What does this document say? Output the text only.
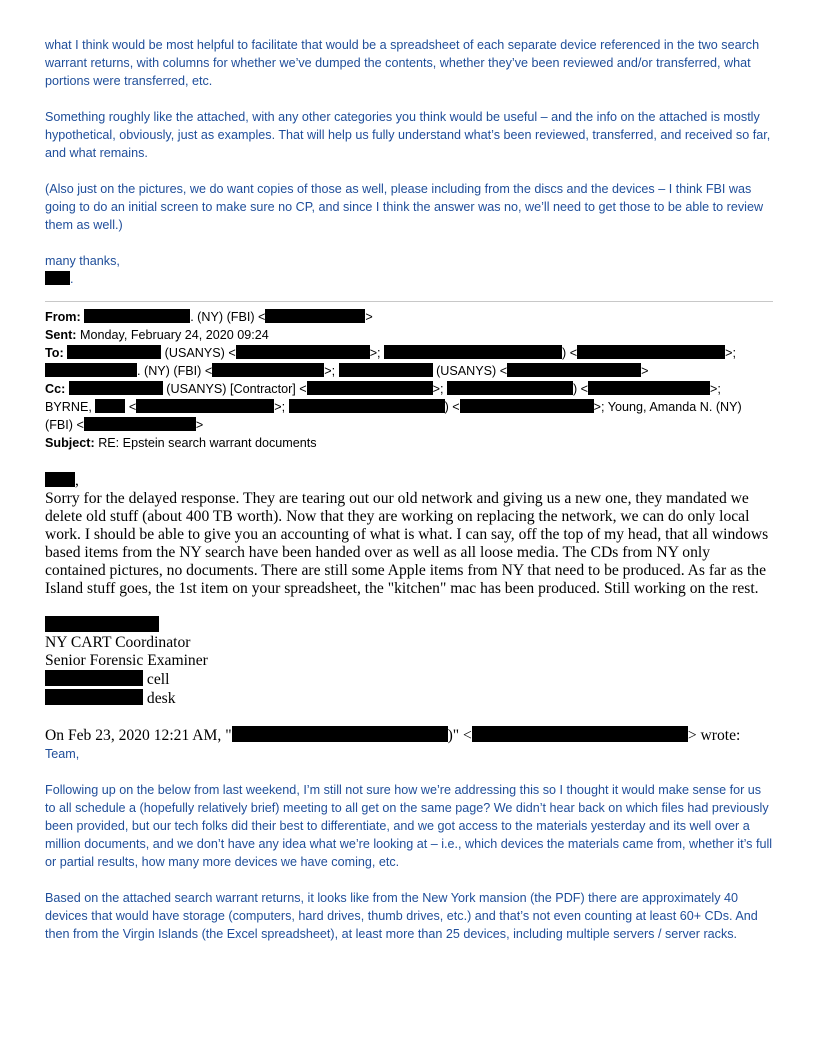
what I think would be most helpful to facilitate that would be a spreadsheet of each separate device referenced in the two search warrant returns, with columns for whether we’ve dumped the contents, whether they’ve been reviewed and/or transferred, what portions were transferred, etc.

Something roughly like the attached, with any other categories you think would be useful – and the info on the attached is mostly hypothetical, obviously, just as examples. That will help us fully understand what’s been reviewed, transferred, and received so far, and what remains.

(Also just on the pictures, we do want copies of those as well, please including from the discs and the devices – I think FBI was going to do an initial screen to make sure no CP, and since I think the answer was no, we’ll need to get those to be able to review them as well.)

many thanks,
.
From:	. (NY) (FBI) <	>
Sent: Monday, February 24, 2020 09:24
To:	(USANYS) <	>;	) <	>;
. (NY) (FBI) <	>;	(USANYS) <	>
Cc:	(USANYS) [Contractor] <	>;	) <	>;
BYRNE,	<	>;	) <	>; Young, Amanda N. (NY)
(FBI) <	>
Subject: RE: Epstein search warrant documents
,
Sorry for the delayed response. They are tearing out our old network and giving us a new one, they mandated we delete old stuff (about 400 TB worth). Now that they are working on replacing the network, we can do only local work. I should be able to give you an accounting of what is what. I can say, off the top of my head, that all windows based items from the NY search have been handed over as well as all loose media. The CDs from NY only contained pictures, no documents. There are still some Apple items from NY that need to be produced. As far as the Island stuff goes, the 1st item on your spreadsheet, the "kitchen" mac has been produced. Still working on the rest.
NY CART Coordinator
Senior Forensic Examiner
cell
desk
On Feb 23, 2020 12:21 AM, "	)" <	> wrote:

Team,

Following up on the below from last weekend, I’m still not sure how we’re addressing this so I thought it would make sense for us to all schedule a (hopefully relatively brief) meeting to all get on the same page? We didn’t hear back on which files had previously been provided, but our tech folks did their best to differentiate, and we got access to the materials yesterday and its well over a million documents, and we don’t have any idea what we’re looking at – i.e., which devices the materials came from, whether it’s full or partial results, how many more devices we have coming, etc.

Based on the attached search warrant returns, it looks like from the New York mansion (the PDF) there are approximately 40 devices that would have storage (computers, hard drives, thumb drives, etc.) and that’s not even counting at least 60+ CDs. And then from the Virgin Islands (the Excel spreadsheet), at least more than 25 devices, including multiple servers / server racks.
